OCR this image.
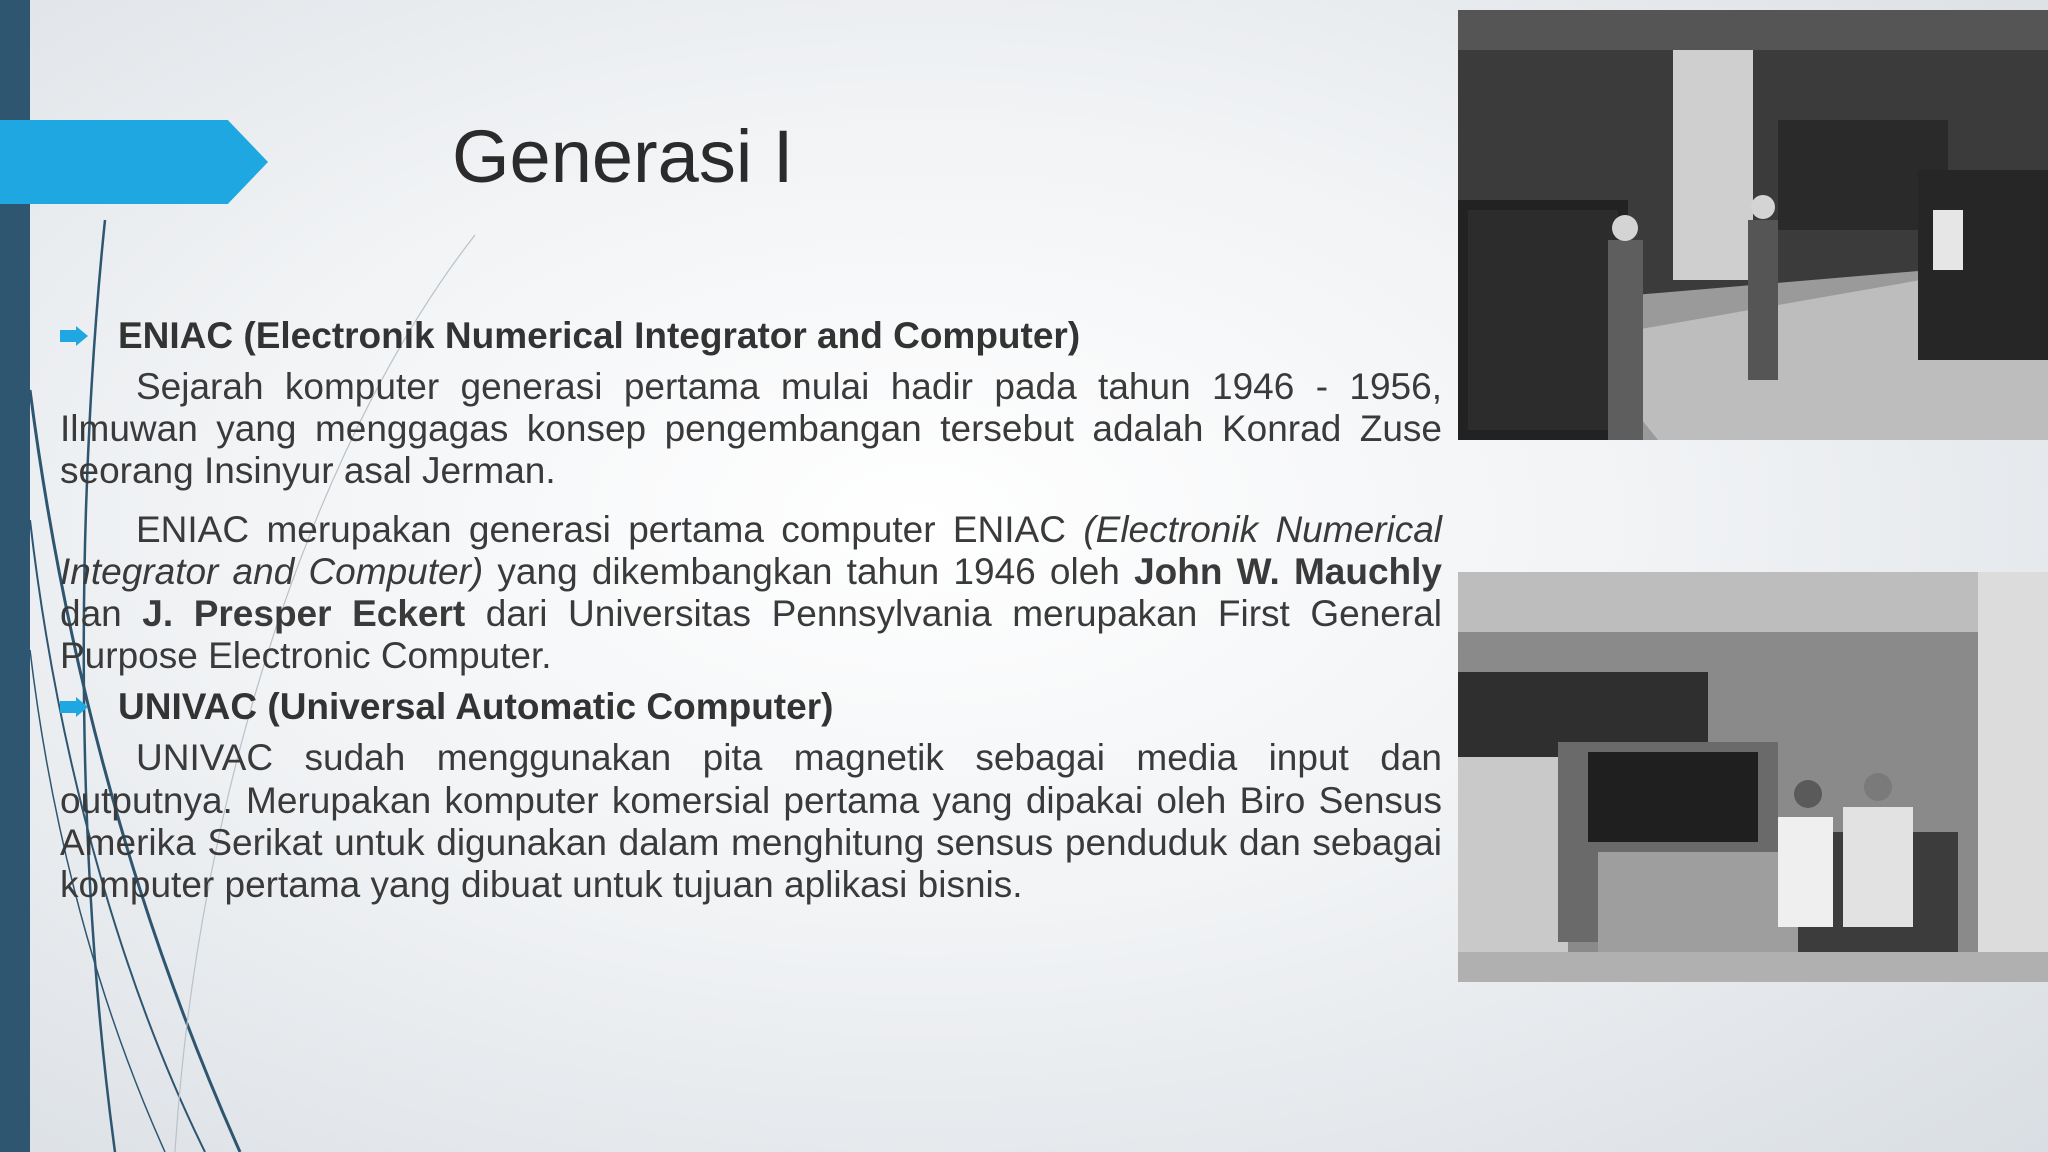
Generasi I
ENIAC (Electronik Numerical Integrator and Computer)

Sejarah komputer generasi pertama mulai hadir pada tahun 1946 - 1956, Ilmuwan yang menggagas konsep pengembangan tersebut adalah Konrad Zuse seorang Insinyur asal Jerman.

ENIAC merupakan generasi pertama computer ENIAC (Electronik Numerical Integrator and Computer) yang dikembangkan tahun 1946 oleh John W. Mauchly dan J. Presper Eckert dari Universitas Pennsylvania merupakan First General Purpose Electronic Computer.

UNIVAC (Universal Automatic Computer)

UNIVAC sudah menggunakan pita magnetik sebagai media input dan outputnya. Merupakan komputer komersial pertama yang dipakai oleh Biro Sensus Amerika Serikat untuk digunakan dalam menghitung sensus penduduk dan sebagai komputer pertama yang dibuat untuk tujuan aplikasi bisnis.
